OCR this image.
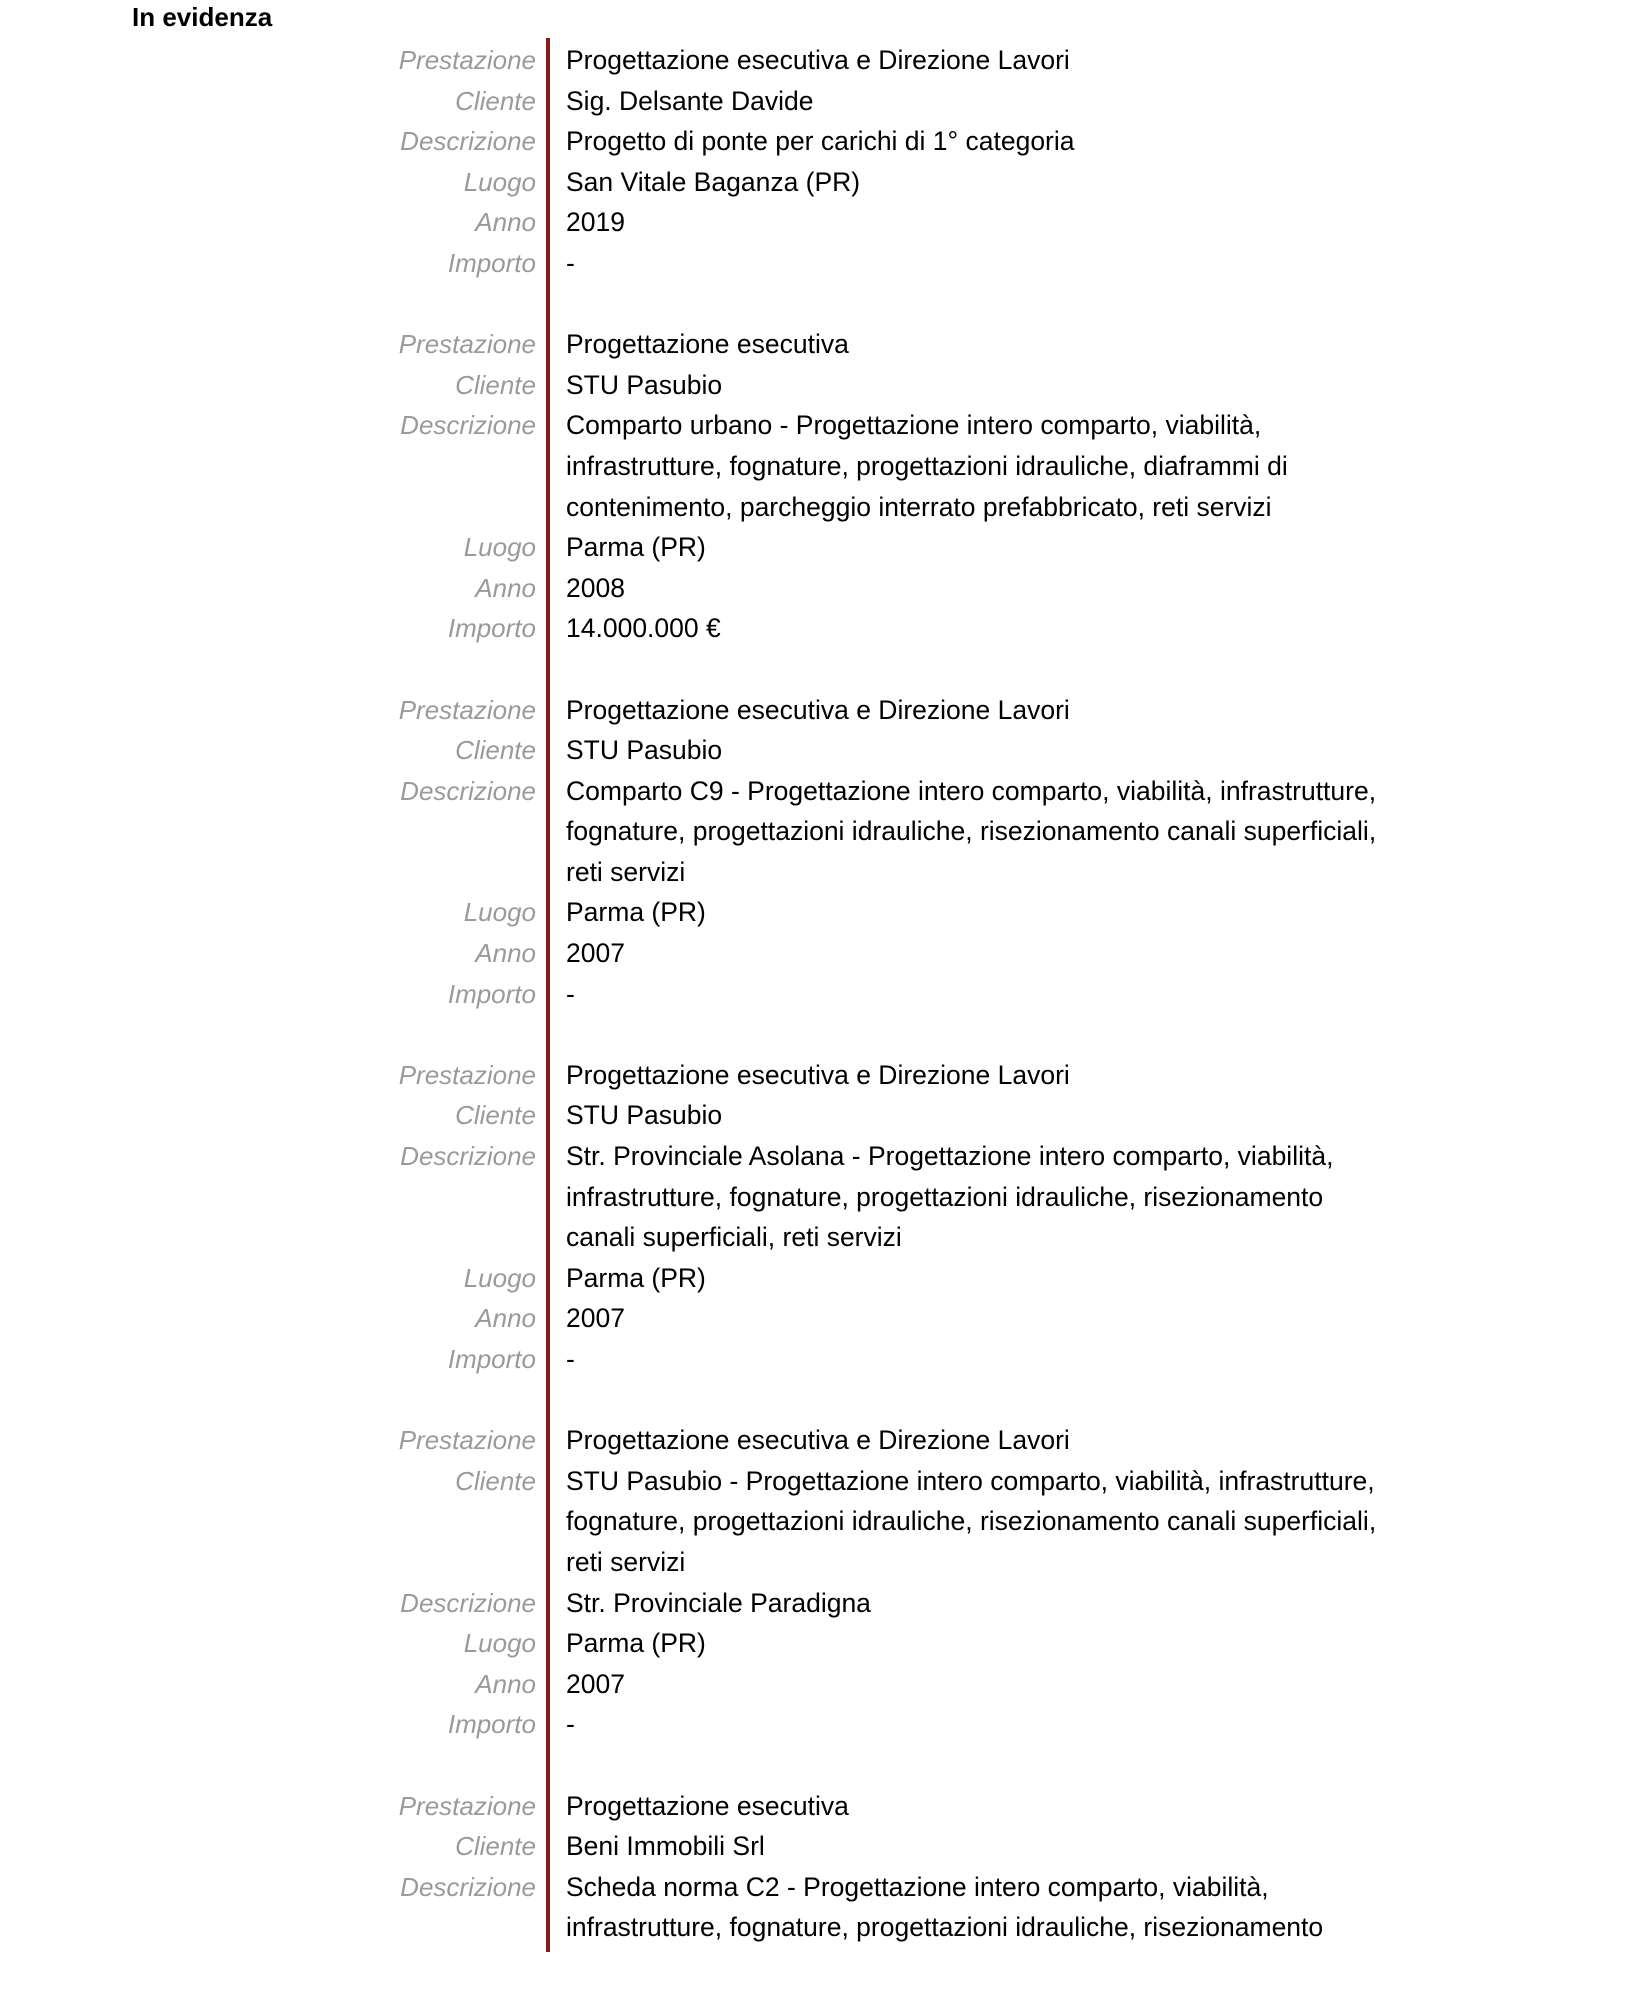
In evidenza
Prestazione Progettazione esecutiva e Direzione Lavori
Cliente Sig. Delsante Davide
Descrizione Progetto di ponte per carichi di 1° categoria
Luogo San Vitale Baganza (PR)
Anno 2019
Importo -
Prestazione Progettazione esecutiva
Cliente STU Pasubio
Descrizione Comparto urbano - Progettazione intero comparto, viabilità,
infrastrutture, fognature, progettazioni idrauliche, diaframmi di
contenimento, parcheggio interrato prefabbricato, reti servizi
Luogo Parma (PR)
Anno 2008
Importo 14.000.000 €
Prestazione Progettazione esecutiva e Direzione Lavori
Cliente STU Pasubio
Descrizione Comparto C9 - Progettazione intero comparto, viabilità, infrastrutture,
fognature, progettazioni idrauliche, risezionamento canali superficiali,
reti servizi
Luogo Parma (PR)
Anno 2007
Importo -
Prestazione Progettazione esecutiva e Direzione Lavori
Cliente STU Pasubio
Descrizione Str. Provinciale Asolana - Progettazione intero comparto, viabilità,
infrastrutture, fognature, progettazioni idrauliche, risezionamento
canali superficiali, reti servizi
Luogo Parma (PR)
Anno 2007
Importo -
Prestazione Progettazione esecutiva e Direzione Lavori
Cliente STU Pasubio - Progettazione intero comparto, viabilità, infrastrutture,
fognature, progettazioni idrauliche, risezionamento canali superficiali,
reti servizi
Descrizione Str. Provinciale Paradigna
Luogo Parma (PR)
Anno 2007
Importo -
Prestazione Progettazione esecutiva
Cliente Beni Immobili Srl
Descrizione Scheda norma C2 - Progettazione intero comparto, viabilità,
infrastrutture, fognature, progettazioni idrauliche, risezionamento
